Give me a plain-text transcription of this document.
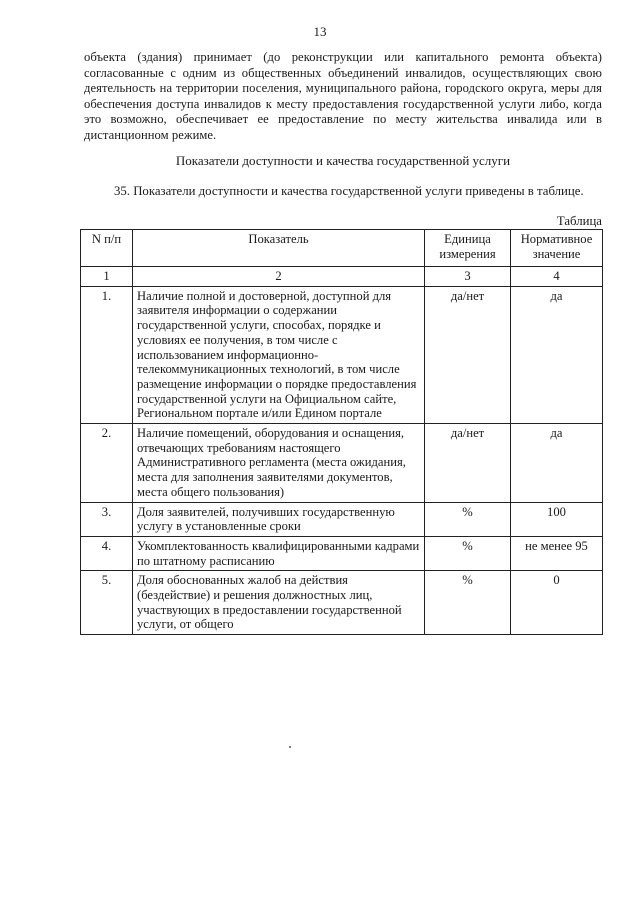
13

объекта (здания) принимает (до реконструкции или капитального ремонта объекта) согласованные с одним из общественных объединений инвалидов, осуществляющих свою деятельность на территории поселения, муниципального района, городского округа, меры для обеспечения доступа инвалидов к месту предоставления государственной услуги либо, когда это возможно, обеспечивает ее предоставление по месту жительства инвалида или в дистанционном режиме.

Показатели доступности и качества государственной услуги

35. Показатели доступности и качества государственной услуги приведены в таблице.

Таблица
N п/п	Показатель	Единица измерения	Нормативное значение
1	2	3	4
1.	Наличие полной и достоверной, доступной для заявителя информации о содержании государственной услуги, способах, порядке и условиях ее получения, в том числе с использованием информационно-телекоммуникационных технологий, в том числе размещение информации о порядке предоставления государственной услуги на Официальном сайте, Региональном портале и/или Едином портале	да/нет	да
2.	Наличие помещений, оборудования и оснащения, отвечающих требованиям настоящего Административного регламента (места ожидания, места для заполнения заявителями документов, места общего пользования)	да/нет	да
3.	Доля заявителей, получивших государственную услугу в установленные сроки	%	100
4.	Укомплектованность квалифицированными кадрами по штатному расписанию	%	не менее 95
5.	Доля обоснованных жалоб на действия (бездействие) и решения должностных лиц, участвующих в предоставлении государственной услуги, от общего	%	0
